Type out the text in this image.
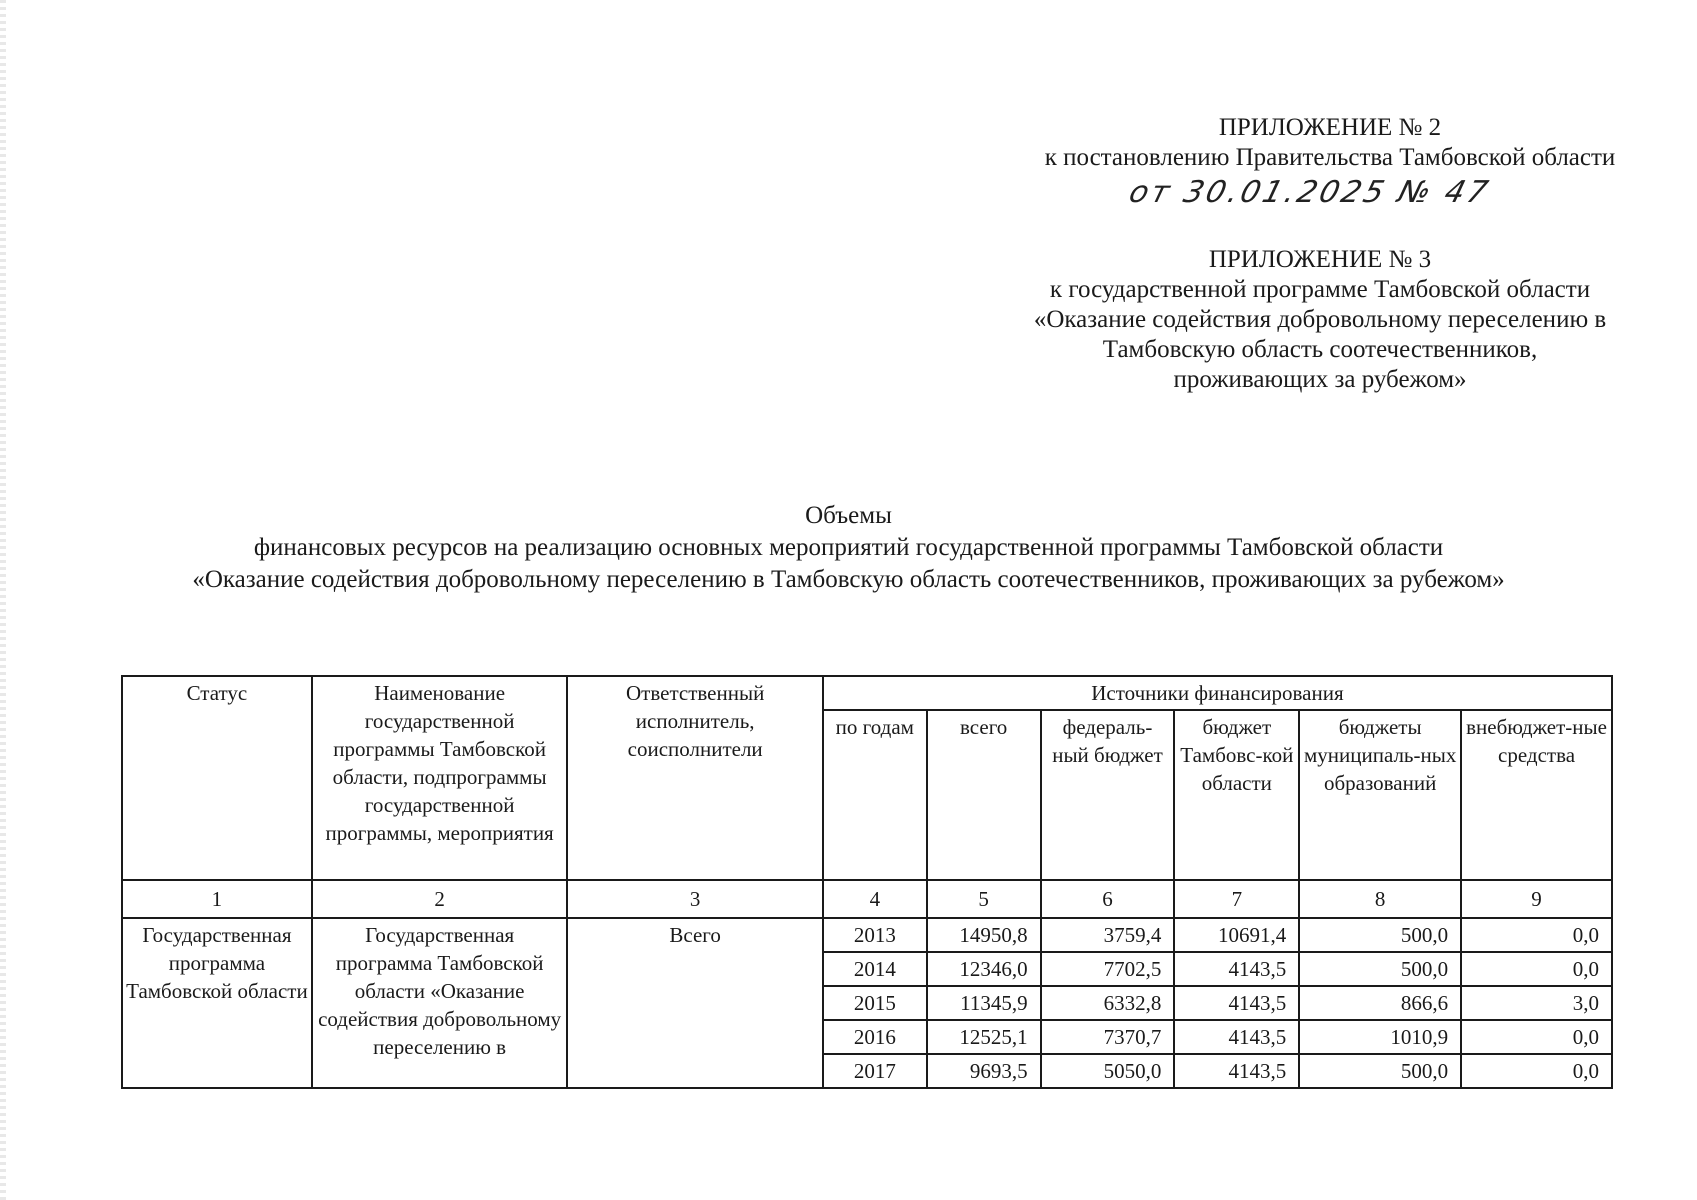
ПРИЛОЖЕНИЕ № 2
к постановлению Правительства Тамбовской области
от 30.01.2025 № 47
ПРИЛОЖЕНИЕ № 3
к государственной программе Тамбовской области
«Оказание содействия добровольному переселению в
Тамбовскую область соотечественников,
проживающих за рубежом»
Объемы
финансовых ресурсов на реализацию основных мероприятий государственной программы Тамбовской области
«Оказание содействия добровольному переселению в Тамбовскую область соотечественников, проживающих за рубежом»
Статус	Наименование государственной программы Тамбовской области, подпрограммы государственной программы, мероприятия	Ответственный исполнитель, соисполнители	Источники финансирования					
			по годам	всего	федераль-ный бюджет	бюджет Тамбовс-кой области	бюджеты муниципаль-ных образований	внебюджет-ные средства
1	2	3	4	5	6	7	8	9
Государственная программа Тамбовской области	Государственная программа Тамбовской области «Оказание содействия добровольному переселению в	Всего	2013	14950,8	3759,4	10691,4	500,0	0,0
			2014	12346,0	7702,5	4143,5	500,0	0,0
			2015	11345,9	6332,8	4143,5	866,6	3,0
			2016	12525,1	7370,7	4143,5	1010,9	0,0
			2017	9693,5	5050,0	4143,5	500,0	0,0
